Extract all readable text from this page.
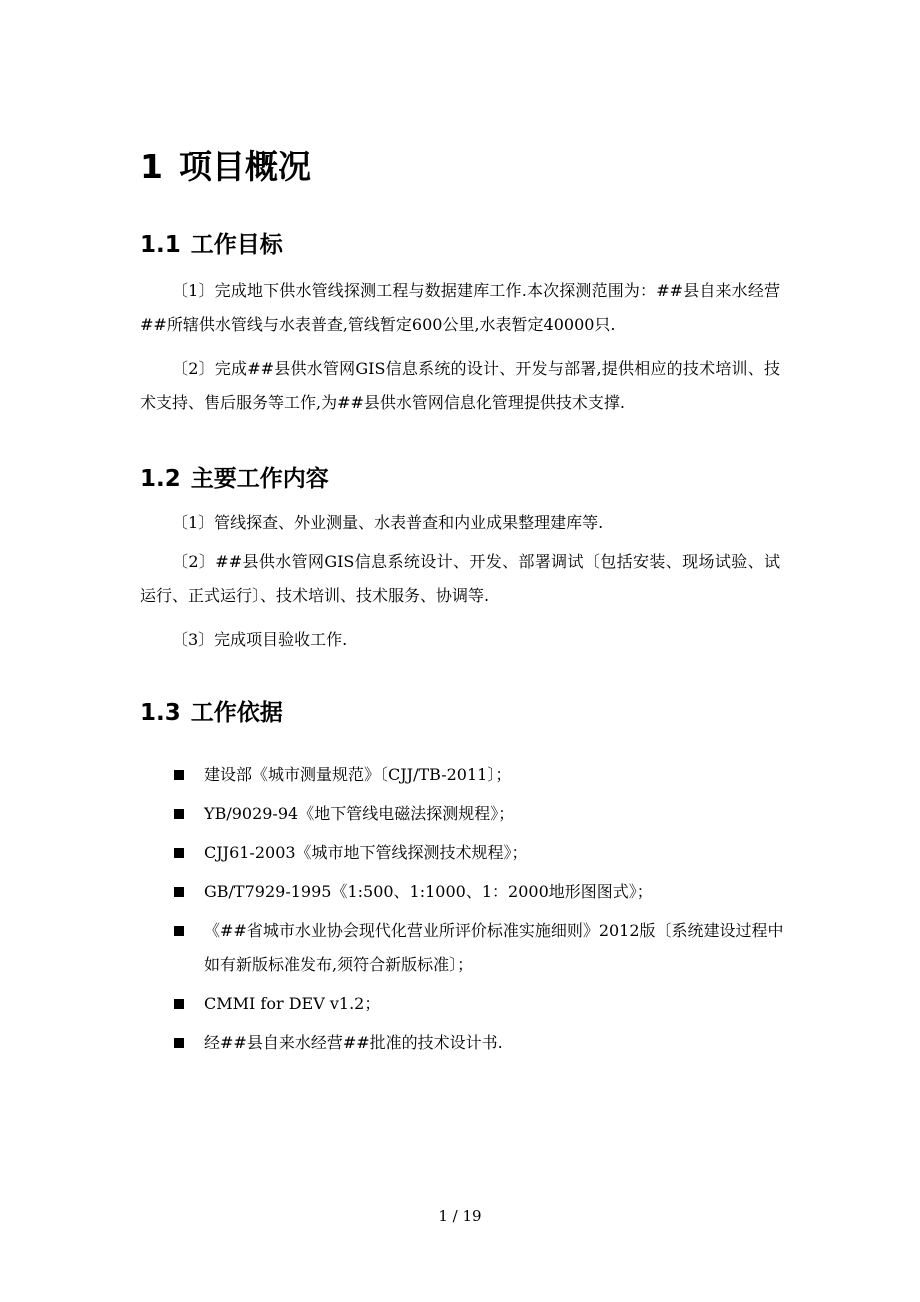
1 项目概况
1.1 工作目标

〔1〕完成地下供水管线探测工程与数据建库工作.本次探测范围为：##县自来水经营##所辖供水管线与水表普查,管线暂定600公里,水表暂定40000只.

〔2〕完成##县供水管网GIS信息系统的设计、开发与部署,提供相应的技术培训、技术支持、售后服务等工作,为##县供水管网信息化管理提供技术支撑.

1.2 主要工作内容

〔1〕管线探查、外业测量、水表普查和内业成果整理建库等.

〔2〕##县供水管网GIS信息系统设计、开发、部署调试〔包括安装、现场试验、试运行、正式运行〕、技术培训、技术服务、协调等.

〔3〕完成项目验收工作.

1.3 工作依据
建设部《城市测量规范》〔CJJ/TB-2011〕；
YB/9029-94《地下管线电磁法探测规程》；
CJJ61-2003《城市地下管线探测技术规程》；
GB/T7929-1995《1:500、1:1000、1：2000地形图图式》；
《##省城市水业协会现代化营业所评价标准实施细则》2012版〔系统建设过程中如有新版标准发布,须符合新版标准〕；
CMMI for DEV v1.2；
经##县自来水经营##批准的技术设计书.
1 / 19
